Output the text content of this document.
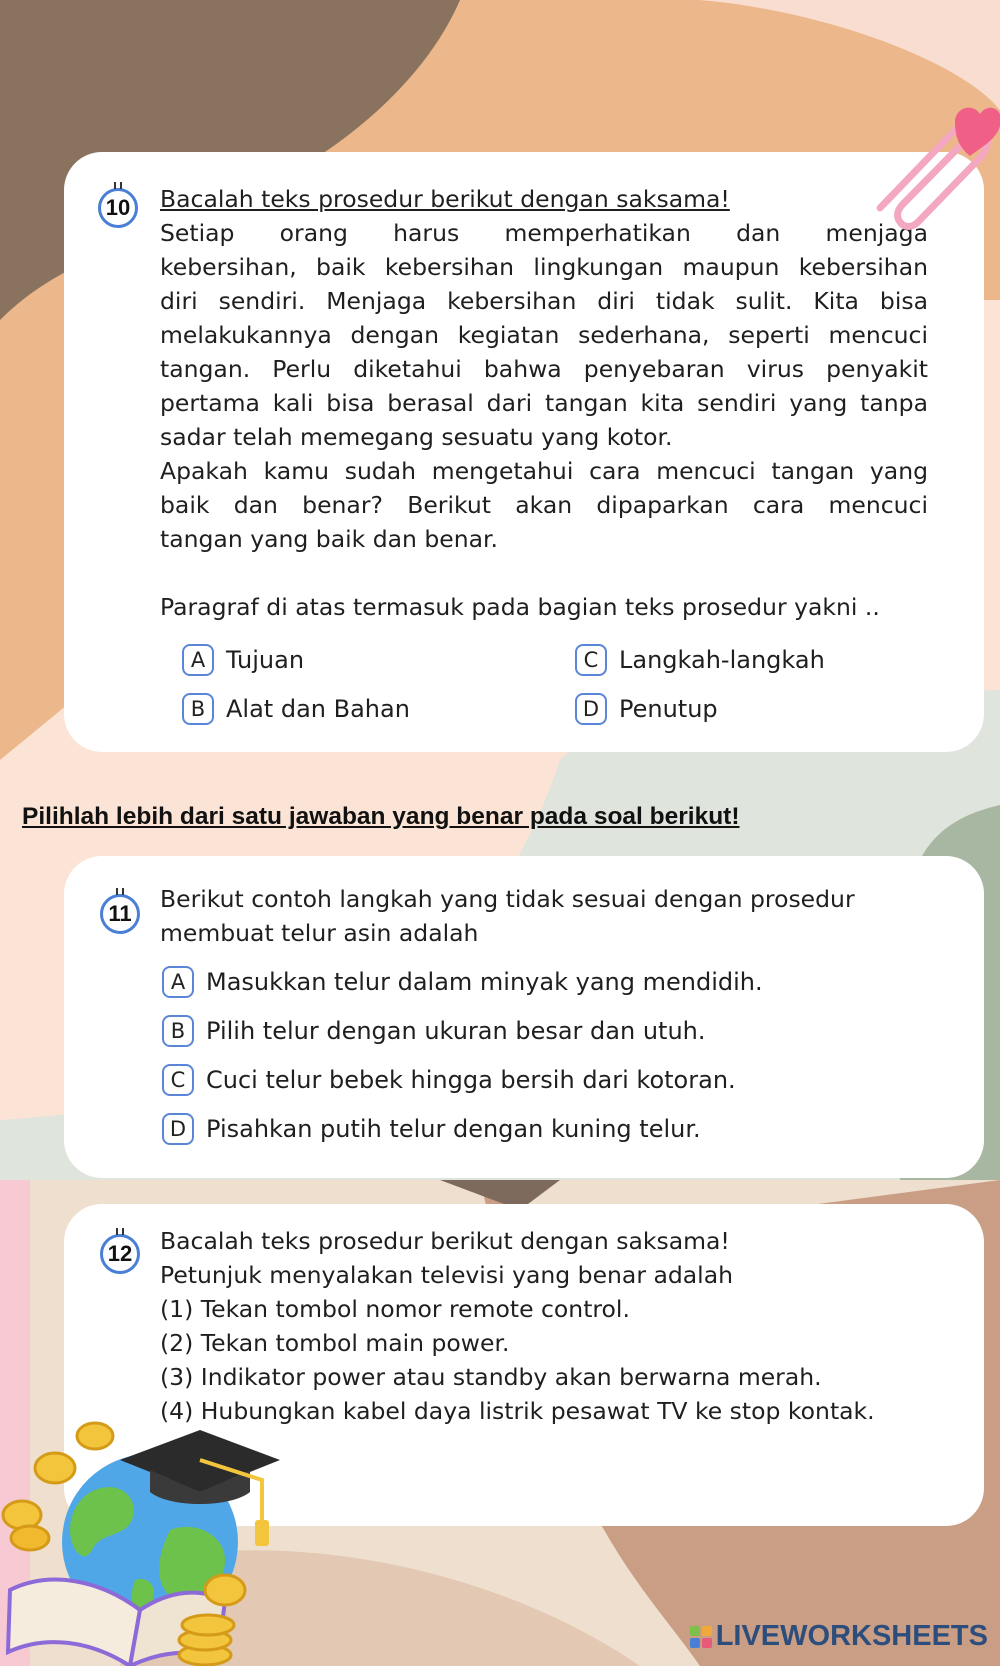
10	Bacalah teks prosedur berikut dengan saksama!

Setiap orang harus memperhatikan dan menjaga

kebersihan, baik kebersihan lingkungan maupun kebersihan

diri sendiri. Menjaga kebersihan diri tidak sulit. Kita bisa

melakukannya dengan kegiatan sederhana, seperti mencuci

tangan. Perlu diketahui bahwa penyebaran virus penyakit

pertama kali bisa berasal dari tangan kita sendiri yang tanpa

sadar telah memegang sesuatu yang kotor.

Apakah kamu sudah mengetahui cara mencuci tangan yang

baik dan benar? Berikut akan dipaparkan cara mencuci

tangan yang baik dan benar.

Paragraf di atas termasuk pada bagian teks prosedur yakni ..

A Tujuan
B Alat dan Bahan
C Langkah-langkah
D Penutup
Pilihlah lebih dari satu jawaban yang benar pada soal berikut!
11

Berikut contoh langkah yang tidak sesuai dengan prosedur

membuat telur asin adalah

A Masukkan telur dalam minyak yang mendidih.
B Pilih telur dengan ukuran besar dan utuh.
C Cuci telur bebek hingga bersih dari kotoran.
D Pisahkan putih telur dengan kuning telur.
12	Bacalah teks prosedur berikut dengan saksama!

Petunjuk menyalakan televisi yang benar adalah

(1) Tekan tombol nomor remote control.

(2) Tekan tombol main power.

(3) Indikator power atau standby akan berwarna merah.

(4) Hubungkan kabel daya listrik pesawat TV ke stop kontak.

LIVEWORKSHEETS
